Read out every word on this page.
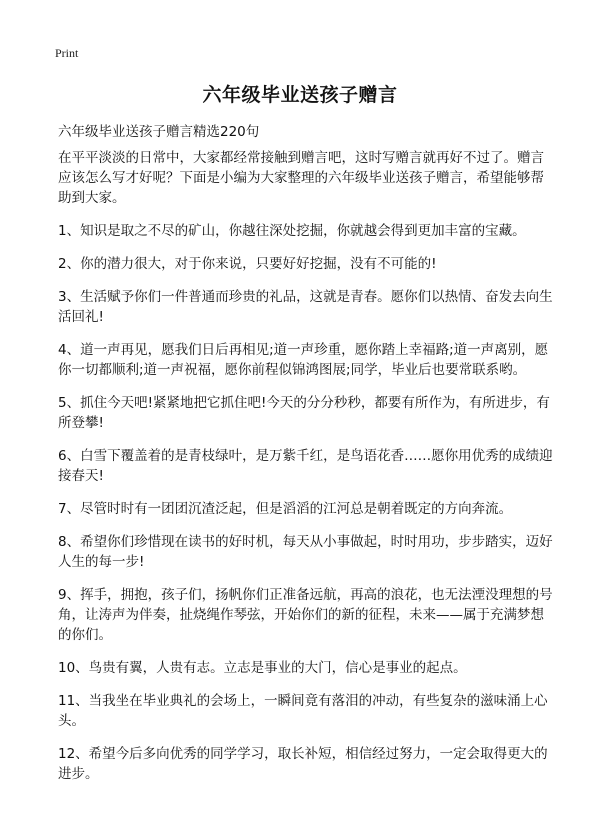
Print
六年级毕业送孩子赠言

六年级毕业送孩子赠言精选220句

在平平淡淡的日常中，大家都经常接触到赠言吧，这时写赠言就再好不过了。赠言应该怎么写才好呢？下面是小编为大家整理的六年级毕业送孩子赠言，希望能够帮助到大家。

1、知识是取之不尽的矿山，你越往深处挖掘，你就越会得到更加丰富的宝藏。

2、你的潜力很大，对于你来说，只要好好挖掘，没有不可能的!

3、生活赋予你们一件普通而珍贵的礼品，这就是青春。愿你们以热情、奋发去向生活回礼!

4、道一声再见，愿我们日后再相见;道一声珍重，愿你踏上幸福路;道一声离别，愿你一切都顺利;道一声祝福，愿你前程似锦鸿图展;同学，毕业后也要常联系哟。

5、抓住今天吧!紧紧地把它抓住吧!今天的分分秒秒，都要有所作为，有所进步，有所登攀!

6、白雪下覆盖着的是青枝绿叶，是万紫千红，是鸟语花香……愿你用优秀的成绩迎接春天!

7、尽管时时有一团团沉渣泛起，但是滔滔的江河总是朝着既定的方向奔流。

8、希望你们珍惜现在读书的好时机，每天从小事做起，时时用功，步步踏实，迈好人生的每一步!

9、挥手，拥抱，孩子们，扬帆你们正准备远航，再高的浪花，也无法湮没理想的号角，让涛声为伴奏，扯烧绳作琴弦，开始你们的新的征程，未来——属于充满梦想的你们。

10、鸟贵有翼，人贵有志。立志是事业的大门，信心是事业的起点。

11、当我坐在毕业典礼的会场上，一瞬间竟有落泪的冲动，有些复杂的滋味涌上心头。

12、希望今后多向优秀的同学学习，取长补短，相信经过努力，一定会取得更大的进步。
